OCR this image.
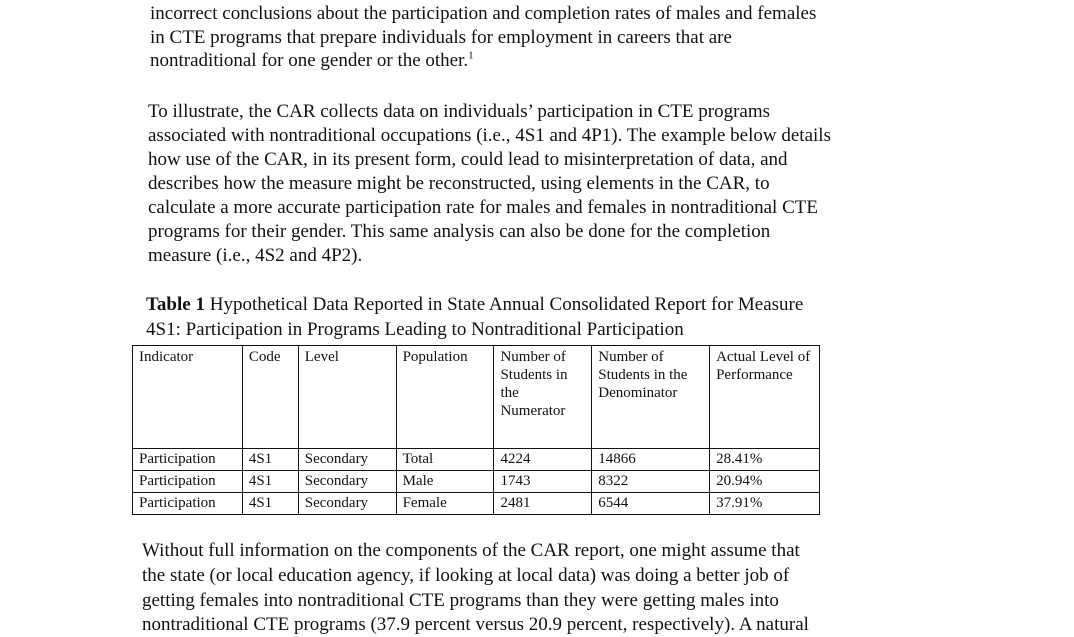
incorrect conclusions about the participation and completion rates of males and females
in CTE programs that prepare individuals for employment in careers that are
nontraditional for one gender or the other.$^1$
To illustrate, the CAR collects data on individuals’ participation in CTE programs
associated with nontraditional occupations (i.e., 4S1 and 4P1). The example below details
how use of the CAR, in its present form, could lead to misinterpretation of data, and
describes how the measure might be reconstructed, using elements in the CAR, to
calculate a more accurate participation rate for males and females in nontraditional CTE
programs for their gender. This same analysis can also be done for the completion
measure (i.e., 4S2 and 4P2).
Table 1 Hypothetical Data Reported in State Annual Consolidated Report for Measure
4S1: Participation in Programs Leading to Nontraditional Participation
Indicator	Code	Level	Population	Number of Students in the Numerator	Number of Students in the Denominator	Actual Level of Performance
Participation	4S1	Secondary	Total	4224	14866	28.41%
Participation	4S1	Secondary	Male	1743	8322	20.94%
Participation	4S1	Secondary	Female	2481	6544	37.91%
Without full information on the components of the CAR report, one might assume that
the state (or local education agency, if looking at local data) was doing a better job of
getting females into nontraditional CTE programs than they were getting males into
nontraditional CTE programs (37.9 percent versus 20.9 percent, respectively). A natural
